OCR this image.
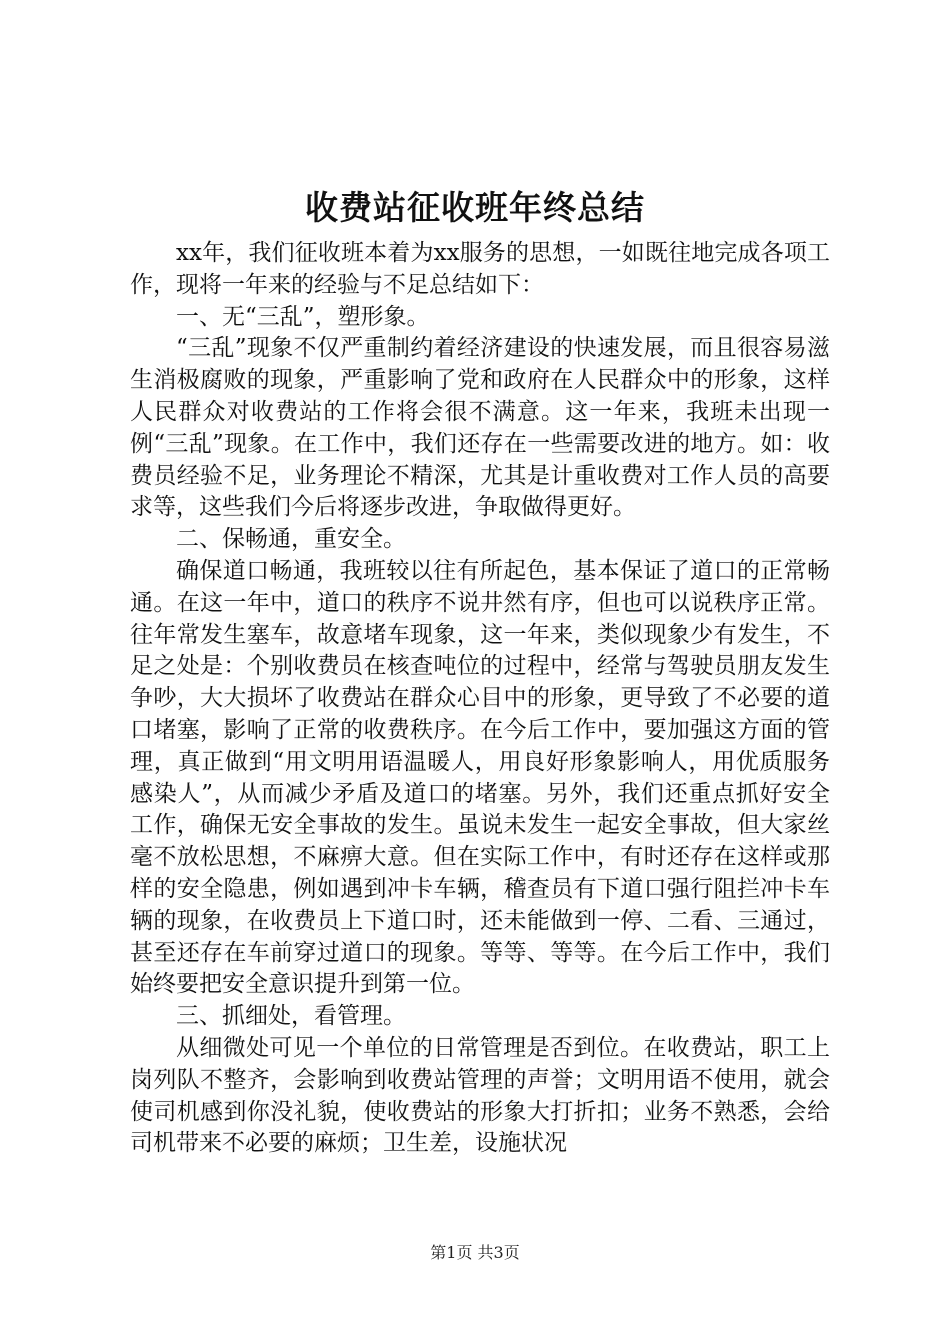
收费站征收班年终总结

xx年，我们征收班本着为xx服务的思想，一如既往地完成各项工作，现将一年来的经验与不足总结如下：

一、无“三乱”，塑形象。

“三乱”现象不仅严重制约着经济建设的快速发展，而且很容易滋生消极腐败的现象，严重影响了党和政府在人民群众中的形象，这样人民群众对收费站的工作将会很不满意。这一年来，我班未出现一例“三乱”现象。在工作中，我们还存在一些需要改进的地方。如：收费员经验不足，业务理论不精深，尤其是计重收费对工作人员的高要求等，这些我们今后将逐步改进，争取做得更好。

二、保畅通，重安全。

确保道口畅通，我班较以往有所起色，基本保证了道口的正常畅通。在这一年中，道口的秩序不说井然有序，但也可以说秩序正常。往年常发生塞车，故意堵车现象，这一年来，类似现象少有发生，不足之处是：个别收费员在核查吨位的过程中，经常与驾驶员朋友发生争吵，大大损坏了收费站在群众心目中的形象，更导致了不必要的道口堵塞，影响了正常的收费秩序。在今后工作中，要加强这方面的管理，真正做到“用文明用语温暖人，用良好形象影响人，用优质服务感染人”，从而减少矛盾及道口的堵塞。另外，我们还重点抓好安全工作，确保无安全事故的发生。虽说未发生一起安全事故，但大家丝毫不放松思想，不麻痹大意。但在实际工作中，有时还存在这样或那样的安全隐患，例如遇到冲卡车辆，稽查员有下道口强行阻拦冲卡车辆的现象，在收费员上下道口时，还未能做到一停、二看、三通过，甚至还存在车前穿过道口的现象。等等、等等。在今后工作中，我们始终要把安全意识提升到第一位。

三、抓细处，看管理。

从细微处可见一个单位的日常管理是否到位。在收费站，职工上岗列队不整齐，会影响到收费站管理的声誉；文明用语不使用，就会使司机感到你没礼貌，使收费站的形象大打折扣；业务不熟悉，会给司机带来不必要的麻烦；卫生差，设施状况

第1页 共3页
